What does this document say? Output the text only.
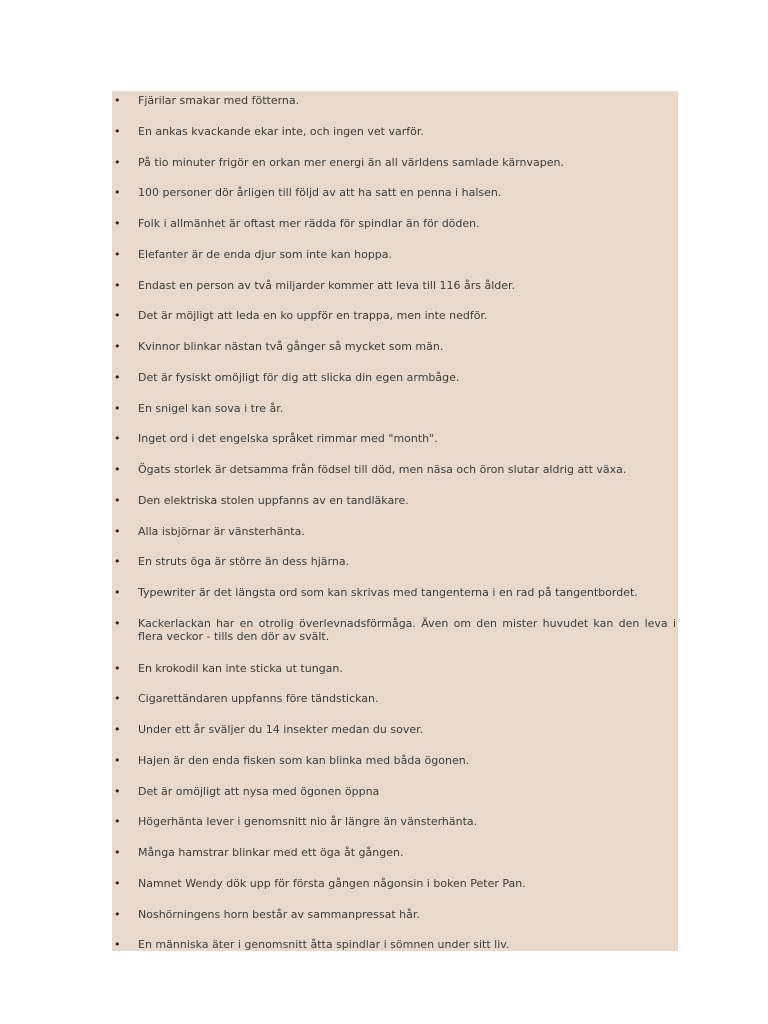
• Fjärilar smakar med fötterna.
• En ankas kvackande ekar inte, och ingen vet varför.
• På tio minuter frigör en orkan mer energi än all världens samlade kärnvapen.
• 100 personer dör årligen till följd av att ha satt en penna i halsen.
• Folk i allmänhet är oftast mer rädda för spindlar än för döden.
• Elefanter är de enda djur som inte kan hoppa.
• Endast en person av två miljarder kommer att leva till 116 års ålder.
• Det är möjligt att leda en ko uppför en trappa, men inte nedför.
• Kvinnor blinkar nästan två gånger så mycket som män.
• Det är fysiskt omöjligt för dig att slicka din egen armbåge.
• En snigel kan sova i tre år.
• Inget ord i det engelska språket rimmar med "month".
• Ögats storlek är detsamma från födsel till död, men näsa och öron slutar aldrig att växa.
• Den elektriska stolen uppfanns av en tandläkare.
• Alla isbjörnar är vänsterhänta.
• En struts öga är större än dess hjärna.
• Typewriter är det längsta ord som kan skrivas med tangenterna i en rad på tangentbordet.
• Kackerlackan har en otrolig överlevnadsförmåga. Även om den mister huvudet kan den leva i flera veckor - tills den dör av svält.
• En krokodil kan inte sticka ut tungan.
• Cigarettändaren uppfanns före tändstickan.
• Under ett år sväljer du 14 insekter medan du sover.
• Hajen är den enda fisken som kan blinka med båda ögonen.
• Det är omöjligt att nysa med ögonen öppna
• Högerhänta lever i genomsnitt nio år längre än vänsterhänta.
• Många hamstrar blinkar med ett öga åt gången.
• Namnet Wendy dök upp för första gången någonsin i boken Peter Pan.
• Noshörningens horn består av sammanpressat hår.
• En människa äter i genomsnitt åtta spindlar i sömnen under sitt liv.
